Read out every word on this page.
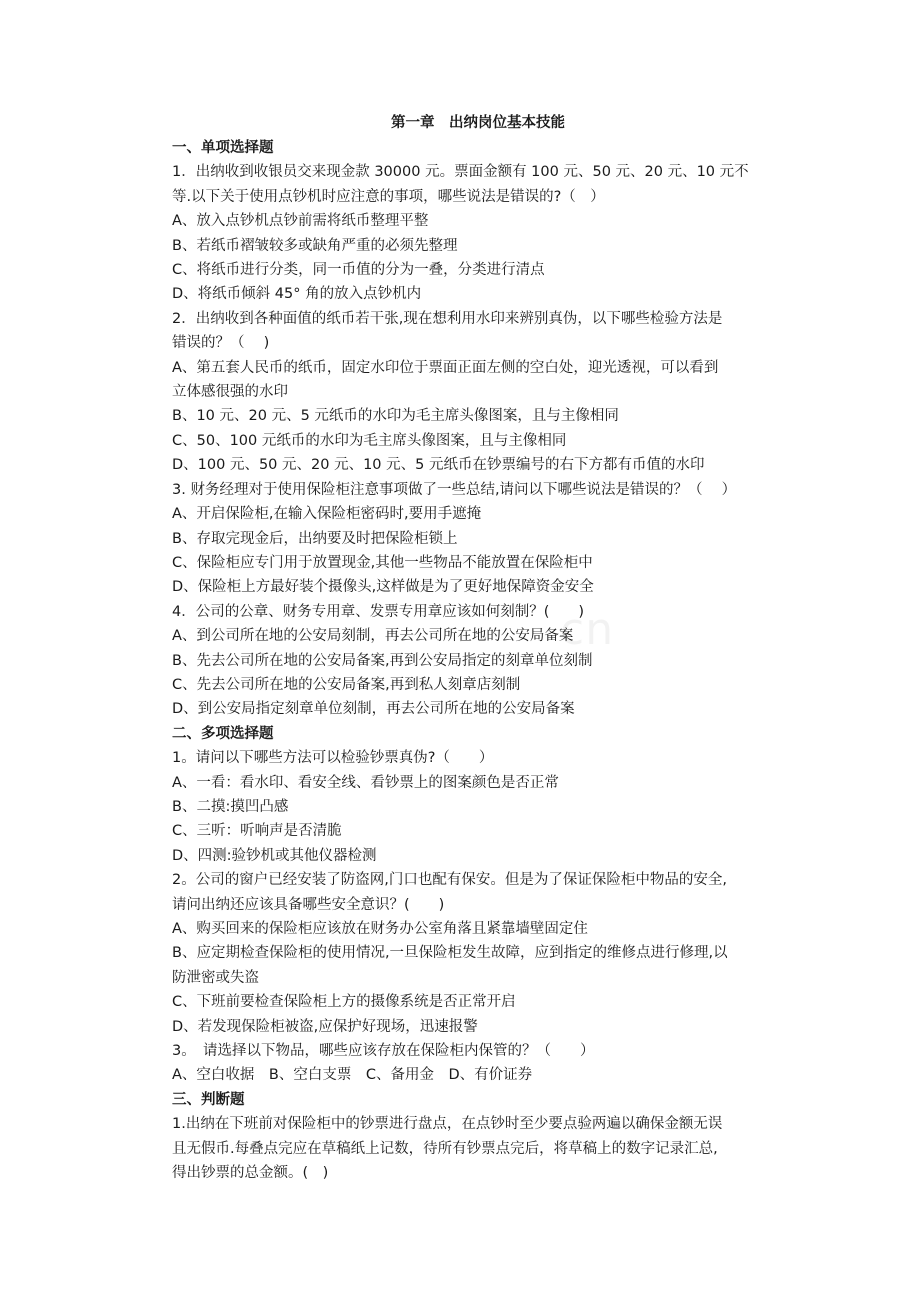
cn
第一章　出纳岗位基本技能
一、单项选择题
1．出纳收到收银员交来现金款 30000 元。票面金额有 100 元、50 元、20 元、10 元不
等.以下关于使用点钞机时应注意的事项，哪些说法是错误的?（　）
A、放入点钞机点钞前需将纸币整理平整
B、若纸币褶皱较多或缺角严重的必须先整理
C、将纸币进行分类，同一币值的分为一叠，分类进行清点
D、将纸币倾斜 45° 角的放入点钞机内
2．出纳收到各种面值的纸币若干张,现在想利用水印来辨别真伪，以下哪些检验方法是
错误的？（　 )
A、第五套人民币的纸币，固定水印位于票面正面左侧的空白处，迎光透视，可以看到
立体感很强的水印
B、10 元、20 元、5 元纸币的水印为毛主席头像图案，且与主像相同
C、50、100 元纸币的水印为毛主席头像图案，且与主像相同
D、100 元、50 元、20 元、10 元、5 元纸币在钞票编号的右下方都有币值的水印
3. 财务经理对于使用保险柜注意事项做了一些总结,请问以下哪些说法是错误的？（　 ）
A、开启保险柜,在输入保险柜密码时,要用手遮掩
B、存取完现金后，出纳要及时把保险柜锁上
C、保险柜应专门用于放置现金,其他一些物品不能放置在保险柜中
D、保险柜上方最好装个摄像头,这样做是为了更好地保障资金安全
4．公司的公章、财务专用章、发票专用章应该如何刻制？(　　)
A、到公司所在地的公安局刻制，再去公司所在地的公安局备案
B、先去公司所在地的公安局备案,再到公安局指定的刻章单位刻制
C、先去公司所在地的公安局备案,再到私人刻章店刻制
D、到公安局指定刻章单位刻制，再去公司所在地的公安局备案
二、多项选择题
1。请问以下哪些方法可以检验钞票真伪?（　　）
A、一看：看水印、看安全线、看钞票上的图案颜色是否正常
B、二摸:摸凹凸感
C、三听：听响声是否清脆
D、四测:验钞机或其他仪器检测
2。公司的窗户已经安装了防盗网,门口也配有保安。但是为了保证保险柜中物品的安全,
请问出纳还应该具备哪些安全意识？(　　)
A、购买回来的保险柜应该放在财务办公室角落且紧靠墙壁固定住
B、应定期检查保险柜的使用情况,一旦保险柜发生故障，应到指定的维修点进行修理,以
防泄密或失盗
C、下班前要检查保险柜上方的摄像系统是否正常开启
D、若发现保险柜被盗,应保护好现场，迅速报警
3。　请选择以下物品，哪些应该存放在保险柜内保管的？（　　）
A、空白收据　B、空白支票　C、备用金　D、有价证券
三、判断题
1.出纳在下班前对保险柜中的钞票进行盘点，在点钞时至少要点验两遍以确保金额无误
且无假币.每叠点完应在草稿纸上记数，待所有钞票点完后，将草稿上的数字记录汇总,
得出钞票的总金额。(　)
